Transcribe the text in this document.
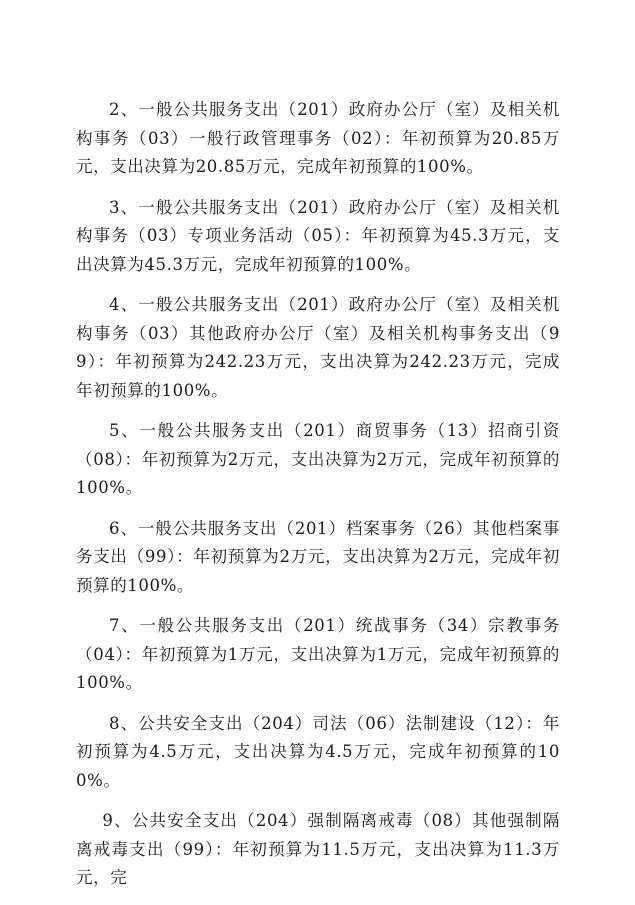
2、一般公共服务支出（201）政府办公厅（室）及相关机构事务（03）一般行政管理事务（02）：年初预算为20.85万元，支出决算为20.85万元，完成年初预算的100%。

3、一般公共服务支出（201）政府办公厅（室）及相关机构事务（03）专项业务活动（05）：年初预算为45.3万元，支出决算为45.3万元，完成年初预算的100%。

4、一般公共服务支出（201）政府办公厅（室）及相关机构事务（03）其他政府办公厅（室）及相关机构事务支出（99）：年初预算为242.23万元，支出决算为242.23万元，完成年初预算的100%。

5、一般公共服务支出（201）商贸事务（13）招商引资（08）：年初预算为2万元，支出决算为2万元，完成年初预算的100%。

6、一般公共服务支出（201）档案事务（26）其他档案事务支出（99）：年初预算为2万元，支出决算为2万元，完成年初预算的100%。

7、一般公共服务支出（201）统战事务（34）宗教事务（04）：年初预算为1万元，支出决算为1万元，完成年初预算的100%。

8、公共安全支出（204）司法（06）法制建设（12）：年初预算为4.5万元，支出决算为4.5万元，完成年初预算的100%。

9、公共安全支出（204）强制隔离戒毒（08）其他强制隔离戒毒支出（99）：年初预算为11.5万元，支出决算为11.3万元，完
